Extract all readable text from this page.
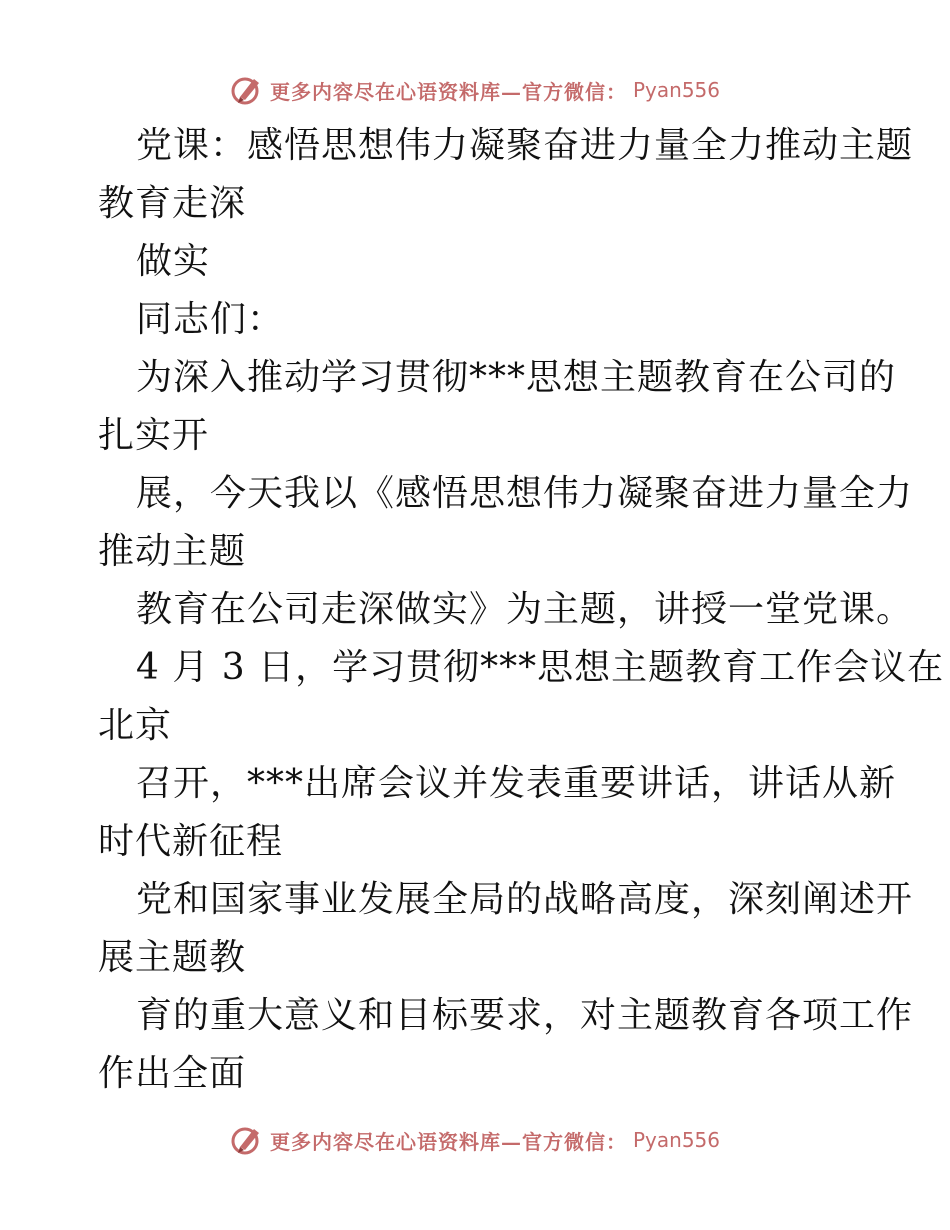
更多内容尽在心语资料库—官方微信： Pyan556
党课：感悟思想伟力凝聚奋进力量全力推动主题
教育走深
做实
同志们：
为深入推动学习贯彻***思想主题教育在公司的
扎实开
展，今天我以《感悟思想伟力凝聚奋进力量全力
推动主题
教育在公司走深做实》为主题，讲授一堂党课。
4 月 3 日，学习贯彻***思想主题教育工作会议在
北京
召开，***出席会议并发表重要讲话，讲话从新
时代新征程
党和国家事业发展全局的战略高度，深刻阐述开
展主题教
育的重大意义和目标要求，对主题教育各项工作
作出全面
更多内容尽在心语资料库—官方微信： Pyan556
